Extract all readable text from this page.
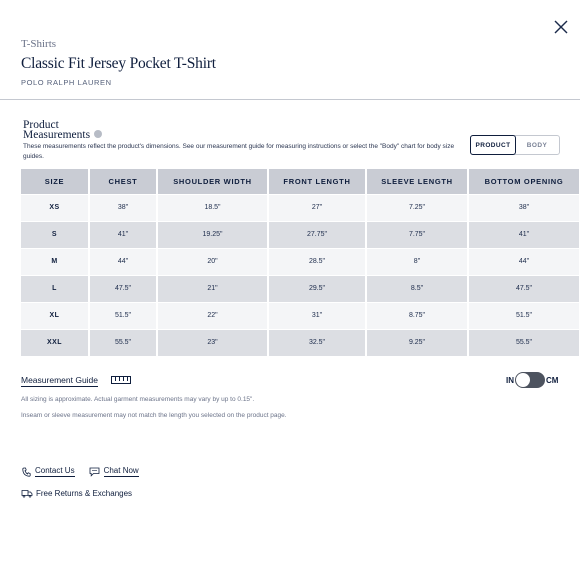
T-Shirts
Classic Fit Jersey Pocket T-Shirt
POLO RALPH LAUREN
Product
Measurements
These measurements reflect the product's dimensions. See our measurement guide for measuring instructions or select the "Body" chart for body size guides.
PRODUCT	BODY
SIZE	CHEST	SHOULDER WIDTH	FRONT LENGTH	SLEEVE LENGTH	BOTTOM OPENING
XS	38"	18.5"	27"	7.25"	38"
S	41"	19.25"	27.75"	7.75"	41"
M	44"	20"	28.5"	8"	44"
L	47.5"	21"	29.5"	8.5"	47.5"
XL	51.5"	22"	31"	8.75"	51.5"
XXL	55.5"	23"	32.5"	9.25"	55.5"
Measurement Guide	IN	CM
All sizing is approximate. Actual garment measurements may vary by up to 0.15".
Inseam or sleeve measurement may not match the length you selected on the product page.
Contact Us	Chat Now
Free Returns & Exchanges
